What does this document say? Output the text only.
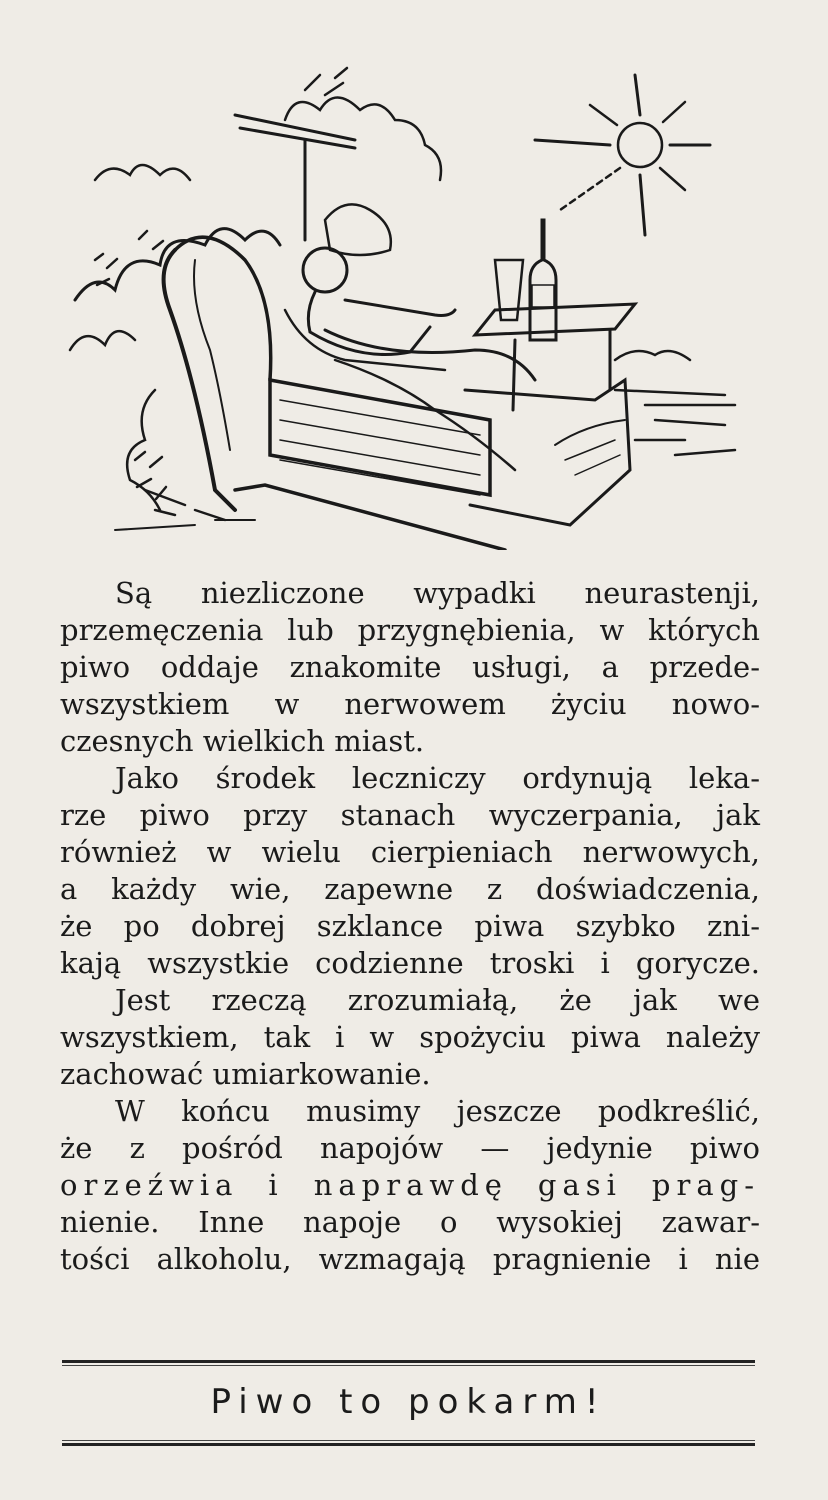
Są niezliczone wypadki neurastenji,
przemęczenia lub przygnębienia, w których
piwo oddaje znakomite usługi, a przede-
wszystkiem w nerwowem życiu nowo-
czesnych wielkich miast.
Jako środek leczniczy ordynują leka-
rze piwo przy stanach wyczerpania, jak
również w wielu cierpieniach nerwowych,
a każdy wie, zapewne z doświadczenia,
że po dobrej szklance piwa szybko zni-
kają wszystkie codzienne troski i gorycze.
Jest rzeczą zrozumiałą, że jak we
wszystkiem, tak i w spożyciu piwa należy
zachować umiarkowanie.
W końcu musimy jeszcze podkreślić,
że z pośród napojów — jedynie piwo
orzeźwia i naprawdę gasi prag-
nienie. Inne napoje o wysokiej zawar-
tości alkoholu, wzmagają pragnienie i nie
Piwo to pokarm!
